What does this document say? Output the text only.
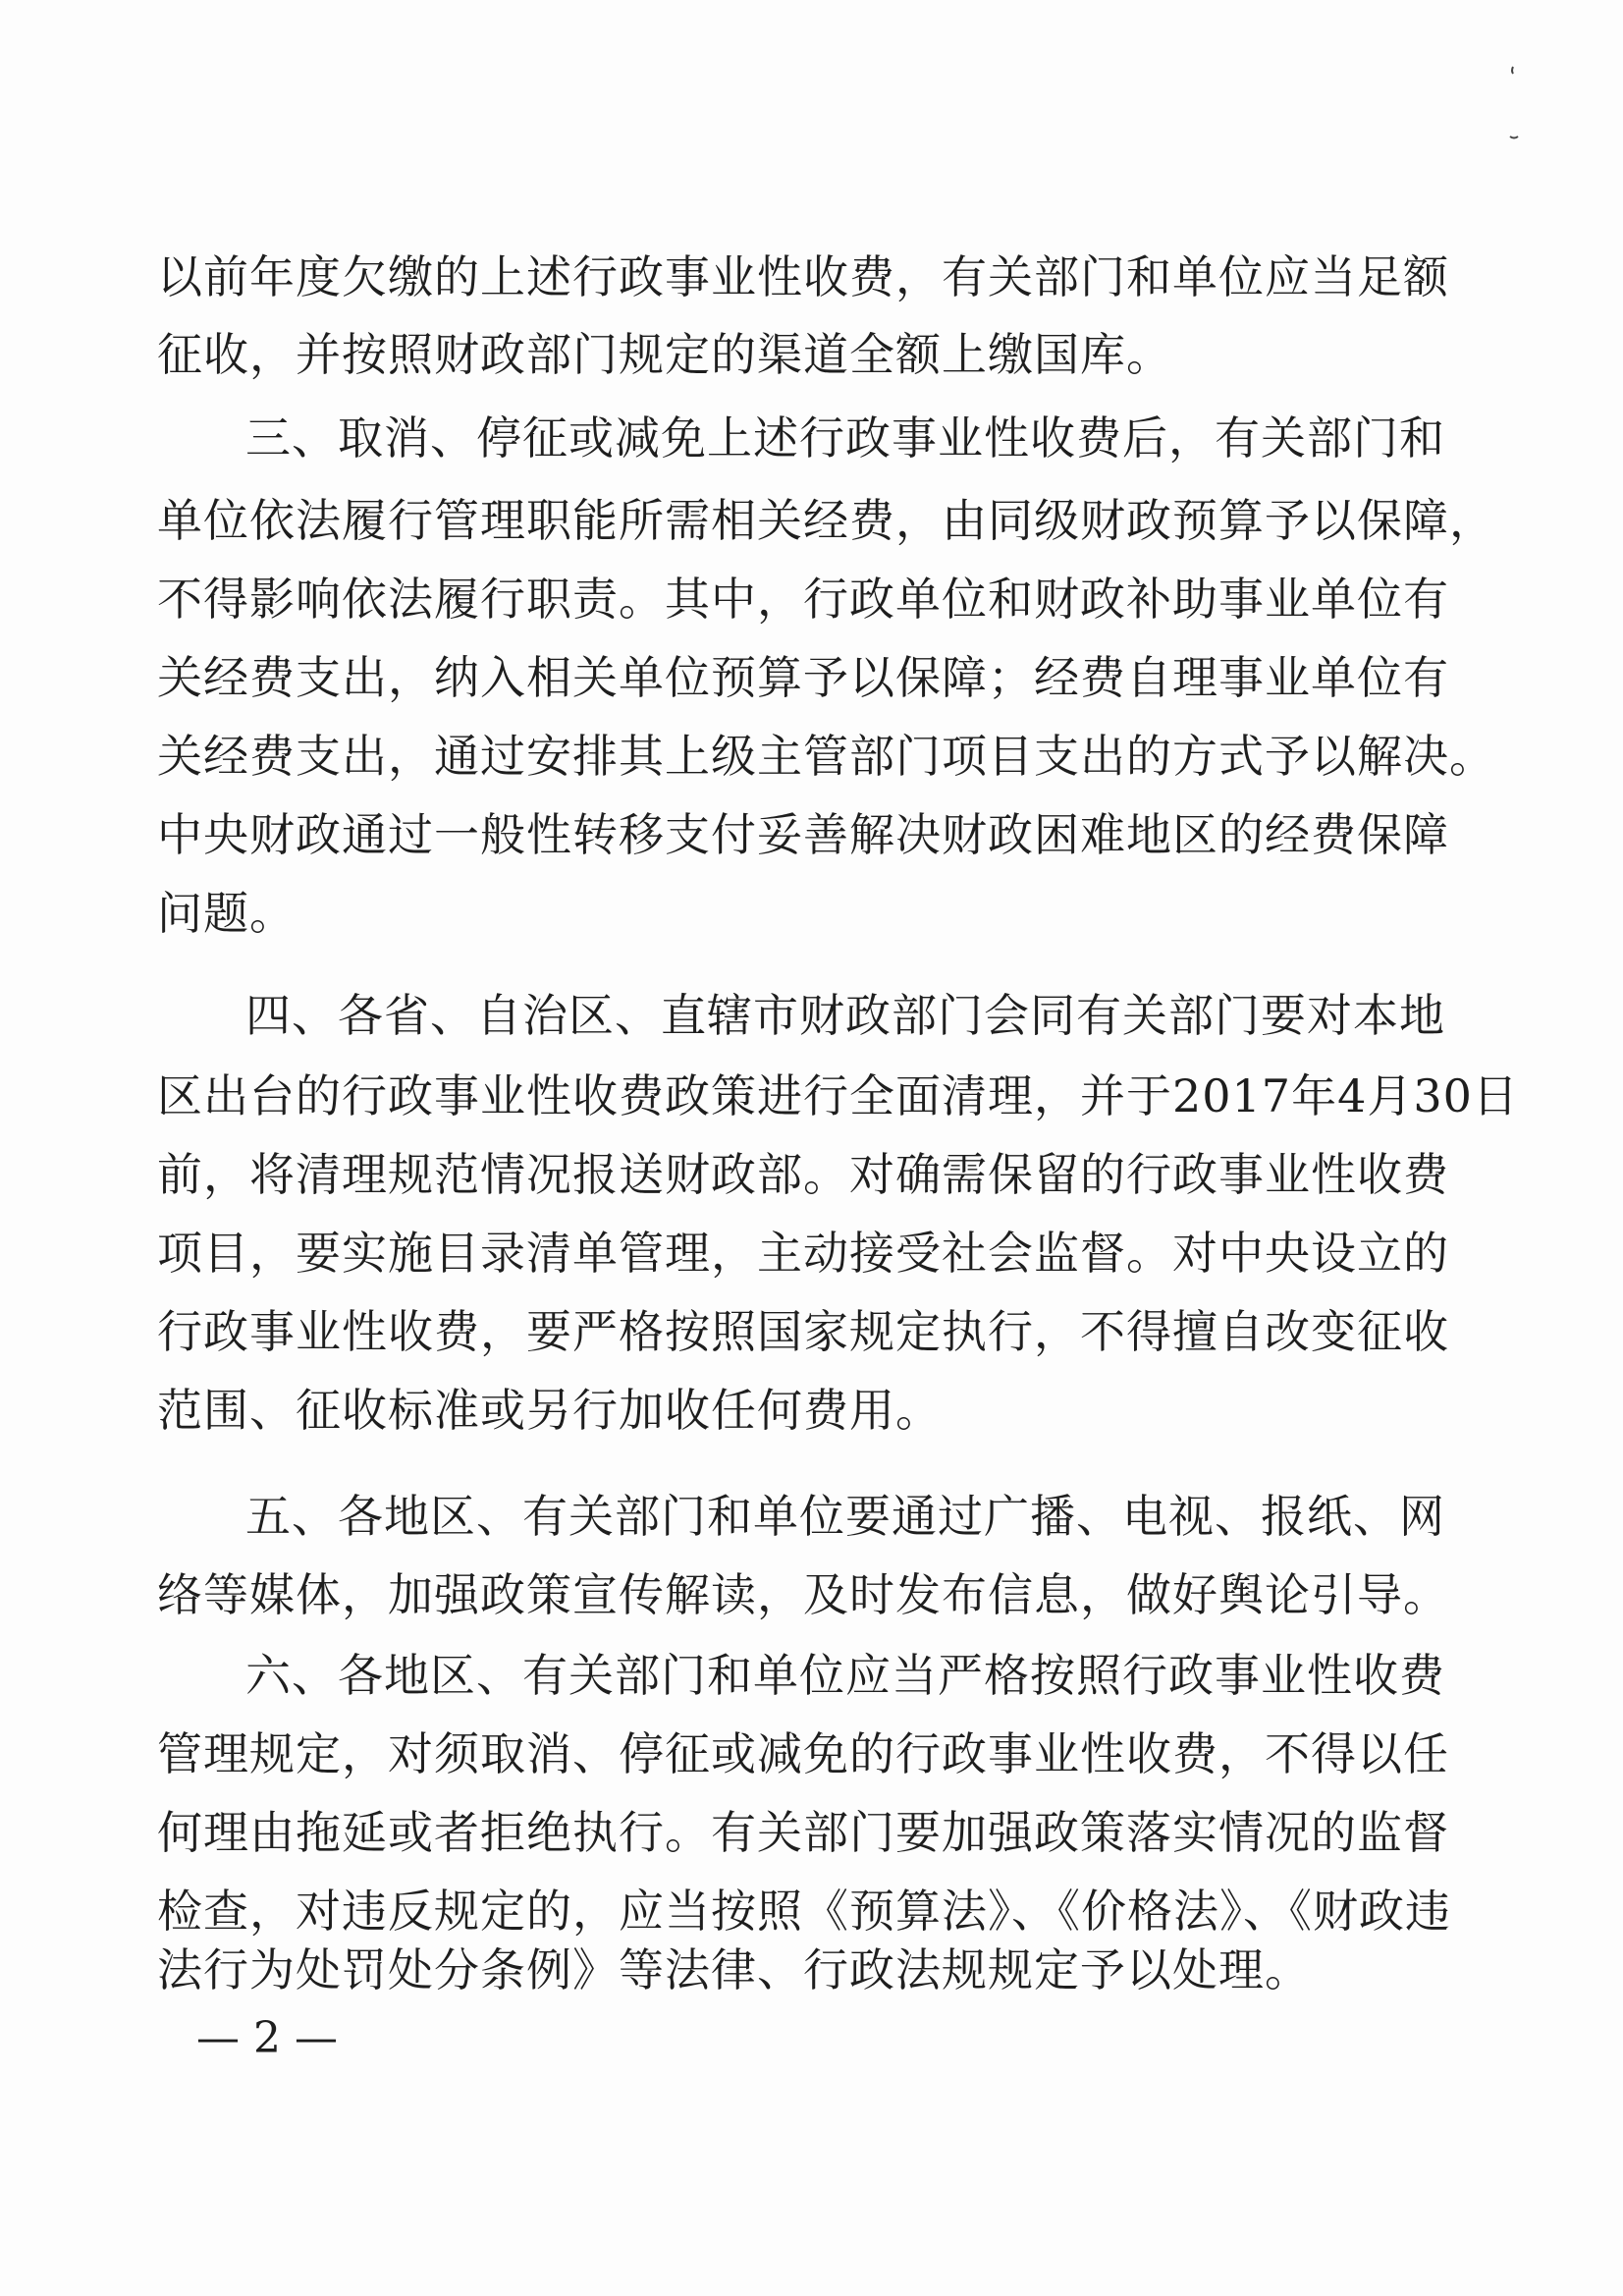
以前年度欠缴的上述行政事业性收费，有关部门和单位应当足额
征收，并按照财政部门规定的渠道全额上缴国库。
三、取消、停征或减免上述行政事业性收费后，有关部门和
单位依法履行管理职能所需相关经费，由同级财政预算予以保障，
不得影响依法履行职责。其中，行政单位和财政补助事业单位有
关经费支出，纳入相关单位预算予以保障；经费自理事业单位有
关经费支出，通过安排其上级主管部门项目支出的方式予以解决。
中央财政通过一般性转移支付妥善解决财政困难地区的经费保障
问题。
四、各省、自治区、直辖市财政部门会同有关部门要对本地
区出台的行政事业性收费政策进行全面清理，并于2017年4月30日
前，将清理规范情况报送财政部。对确需保留的行政事业性收费
项目，要实施目录清单管理，主动接受社会监督。对中央设立的
行政事业性收费，要严格按照国家规定执行，不得擅自改变征收
范围、征收标准或另行加收任何费用。
五、各地区、有关部门和单位要通过广播、电视、报纸、网
络等媒体，加强政策宣传解读，及时发布信息，做好舆论引导。
六、各地区、有关部门和单位应当严格按照行政事业性收费
管理规定，对须取消、停征或减免的行政事业性收费，不得以任
何理由拖延或者拒绝执行。有关部门要加强政策落实情况的监督
检查，对违反规定的，应当按照《预算法》、《价格法》、《财政违
法行为处罚处分条例》等法律、行政法规规定予以处理。
— 2 —
